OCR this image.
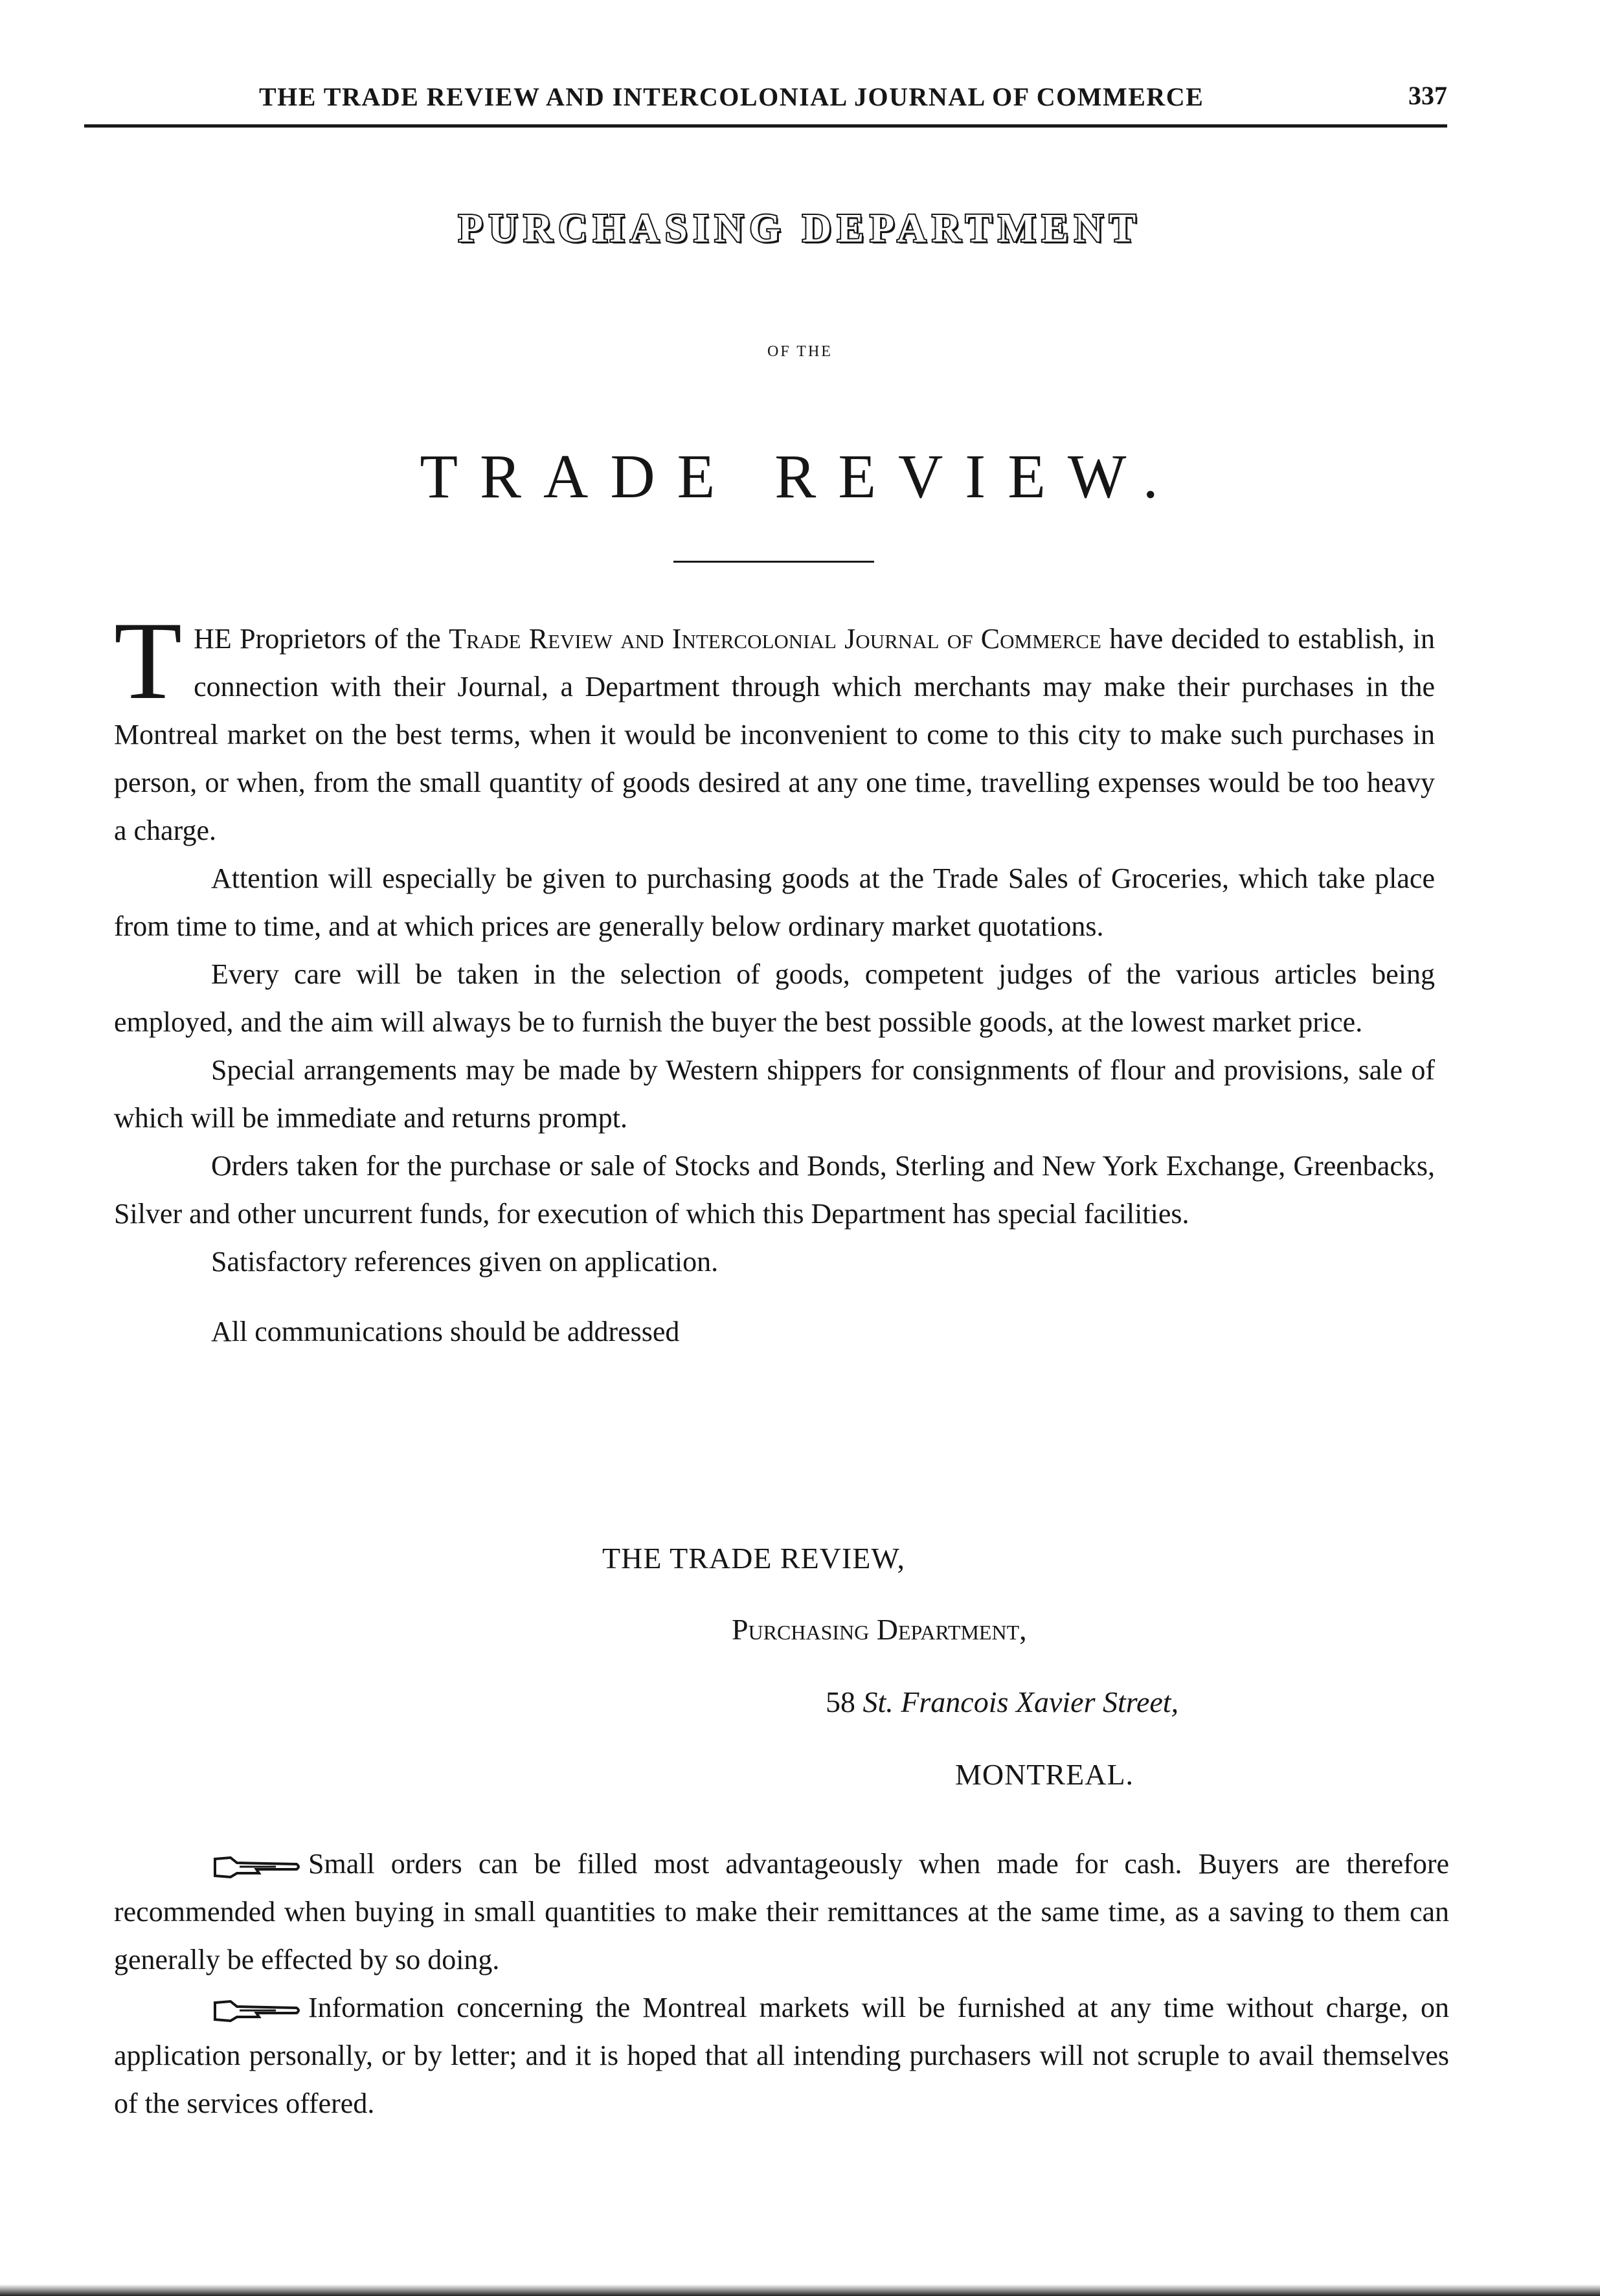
THE TRADE REVIEW AND INTERCOLONIAL JOURNAL OF COMMERCE	337
PURCHASING DEPARTMENT
OF THE
TRADE REVIEW.

THE Proprietors of the Trade Review and Intercolonial Journal of Commerce have decided to establish, in connection with their Journal, a Department through which merchants may make their purchases in the Montreal market on the best terms, when it would be inconvenient to come to this city to make such purchases in person, or when, from the small quantity of goods desired at any one time, travelling expenses would be too heavy a charge.

Attention will especially be given to purchasing goods at the Trade Sales of Groceries, which take place from time to time, and at which prices are generally below ordinary market quotations.

Every care will be taken in the selection of goods, competent judges of the various articles being employed, and the aim will always be to furnish the buyer the best possible goods, at the lowest market price.

Special arrangements may be made by Western shippers for consignments of flour and provisions, sale of which will be immediate and returns prompt.

Orders taken for the purchase or sale of Stocks and Bonds, Sterling and New York Exchange, Greenbacks, Silver and other uncurrent funds, for execution of which this Department has special facilities.

Satisfactory references given on application.

All communications should be addressed

THE TRADE REVIEW,
Purchasing Department,
58 St. Francois Xavier Street,
MONTREAL.

Small orders can be filled most advantageously when made for cash. Buyers are therefore recommended when buying in small quantities to make their remittances at the same time, as a saving to them can generally be effected by so doing.

Information concerning the Montreal markets will be furnished at any time without charge, on application personally, or by letter; and it is hoped that all intending purchasers will not scruple to avail themselves of the services offered.
